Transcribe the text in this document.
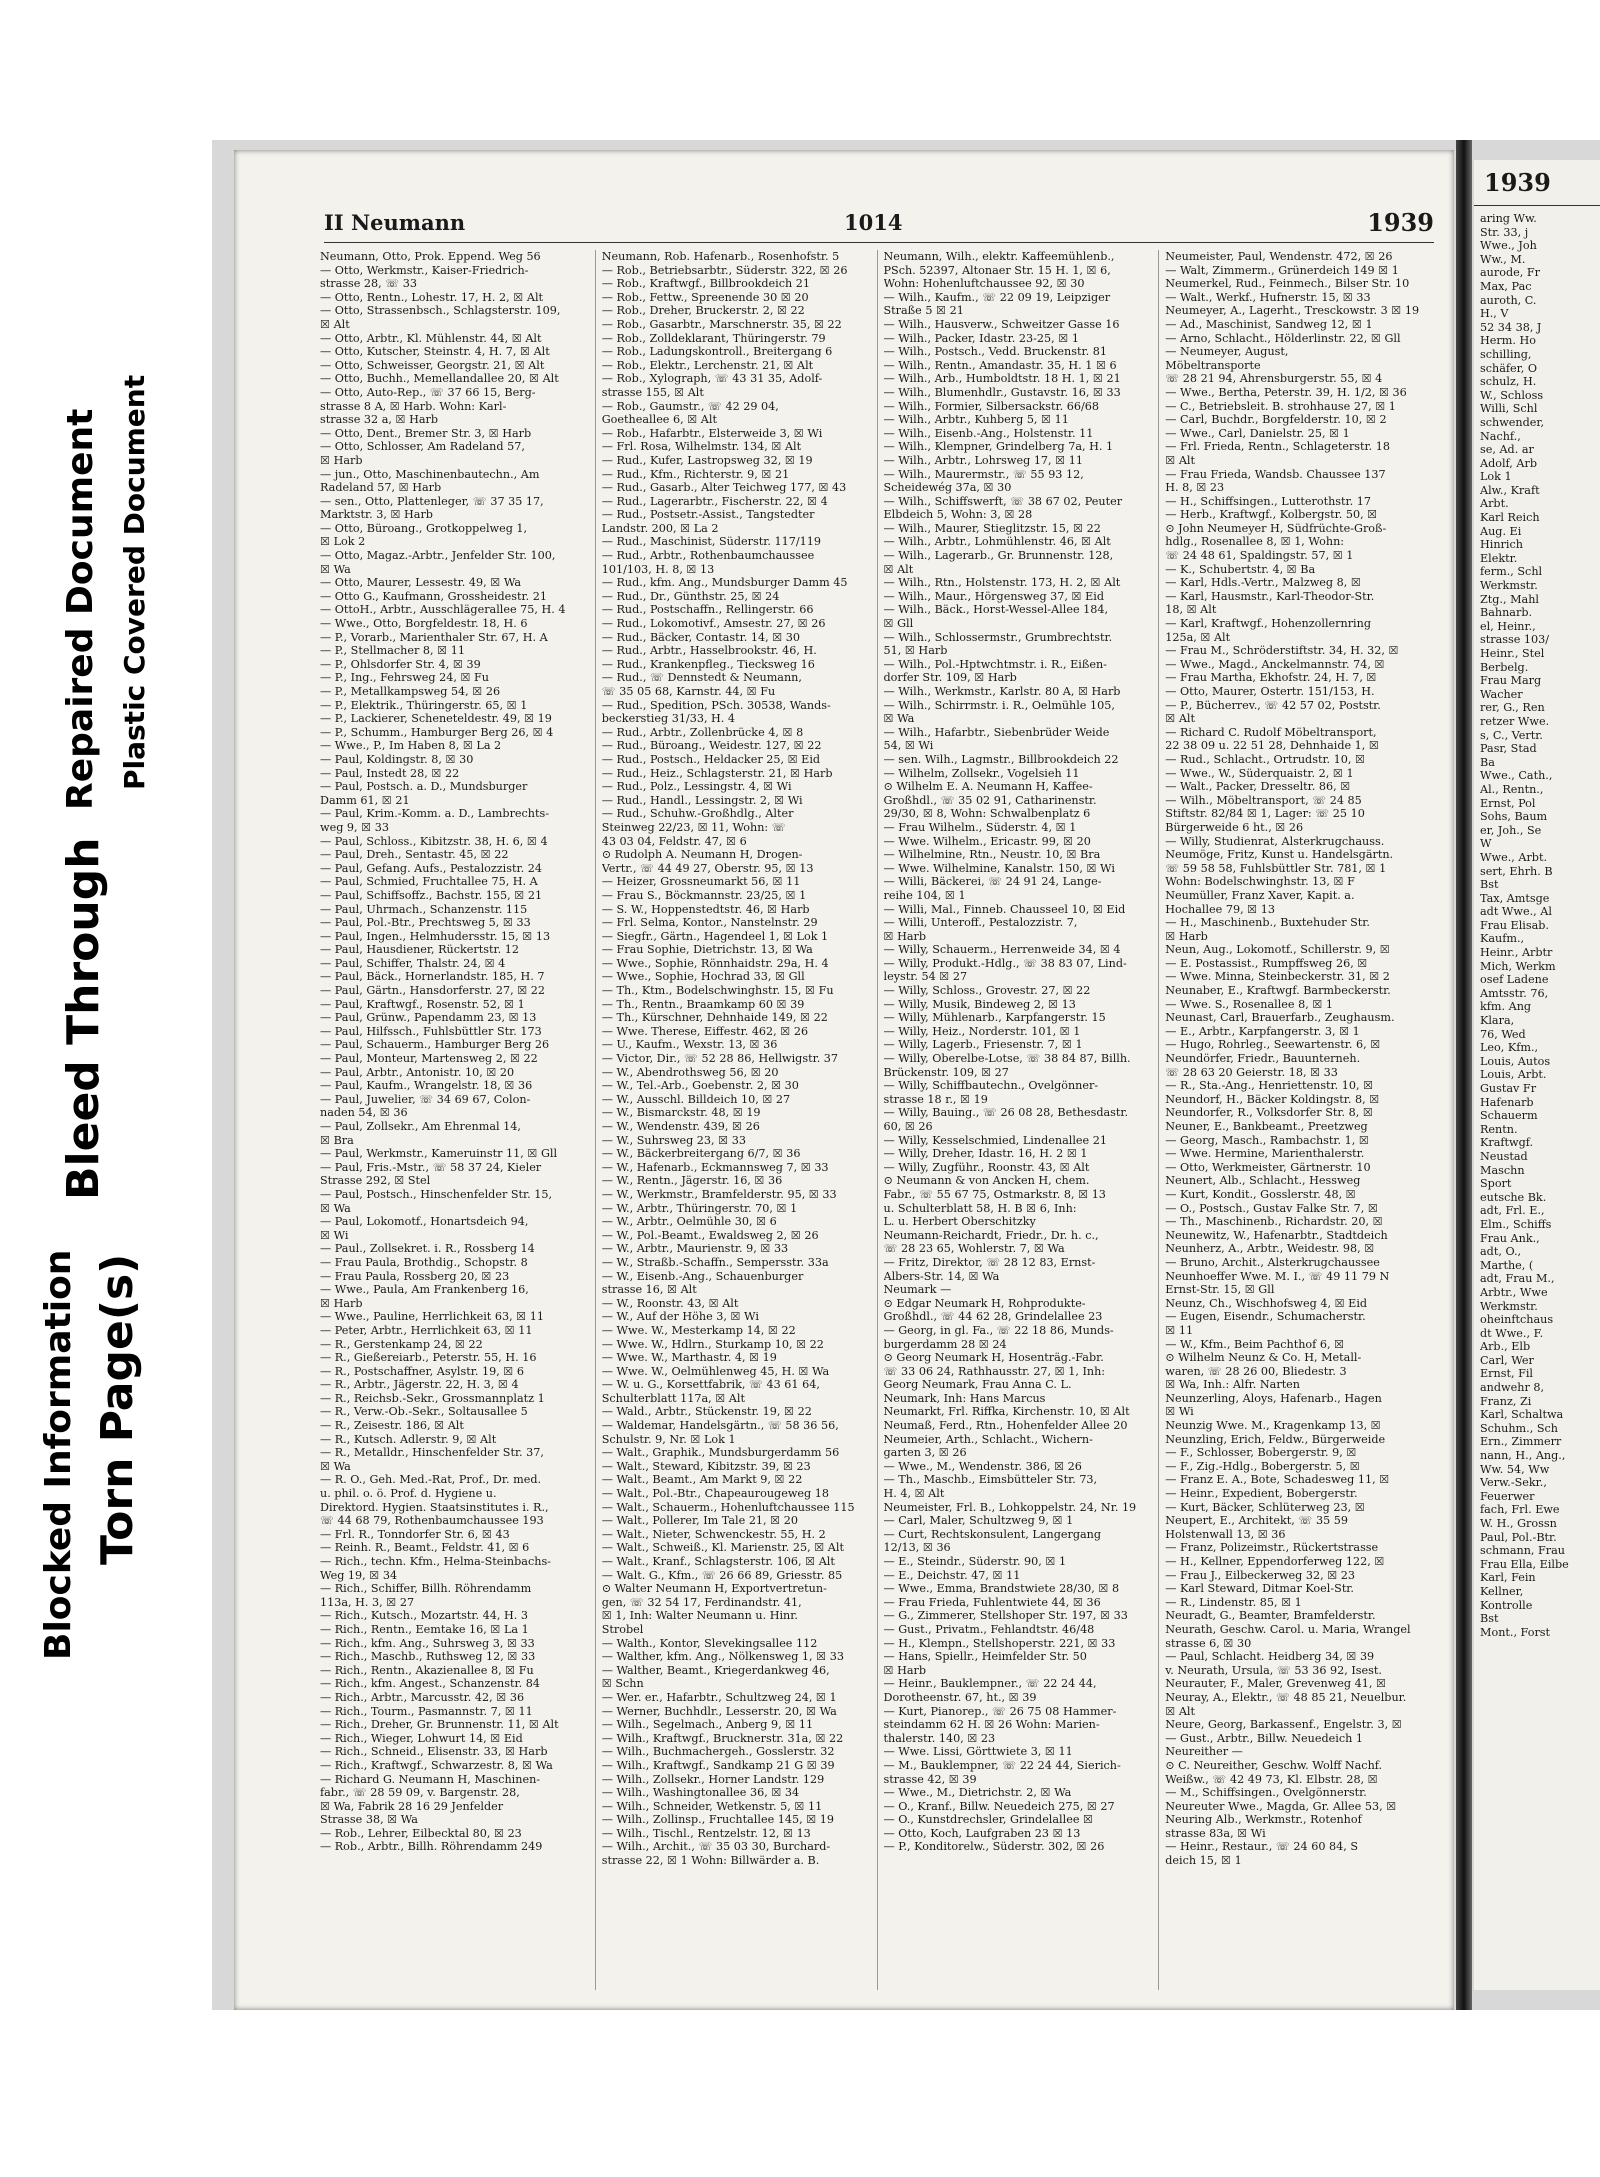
Torn Page(s)
Blocked Information
Bleed Through
Repaired Document Plastic Covered Document
II Neumann	1014	1939
Neumann, Otto, Prok. Eppend. Weg 56
— Otto, Werkmstr., Kaiser-Friedrich-
strasse 28, ☏ 33
— Otto, Rentn., Lohestr. 17, H. 2, ☒ Alt
— Otto, Strassenbsch., Schlagsterstr. 109,
☒ Alt
— Otto, Arbtr., Kl. Mühlenstr. 44, ☒ Alt
— Otto, Kutscher, Steinstr. 4, H. 7, ☒ Alt
— Otto, Schweisser, Georgstr. 21, ☒ Alt
— Otto, Buchh., Memellandallee 20, ☒ Alt
— Otto, Auto-Rep., ☏ 37 66 15, Berg-
strasse 8 A, ☒ Harb. Wohn: Karl-
strasse 32 a, ☒ Harb
— Otto, Dent., Bremer Str. 3, ☒ Harb
— Otto, Schlosser, Am Radeland 57,
☒ Harb
— jun., Otto, Maschinenbautechn., Am
Radeland 57, ☒ Harb
— sen., Otto, Plattenleger, ☏ 37 35 17,
Marktstr. 3, ☒ Harb
— Otto, Büroang., Grotkoppelweg 1,
☒ Lok 2
— Otto, Magaz.-Arbtr., Jenfelder Str. 100,
☒ Wa
— Otto, Maurer, Lessestr. 49, ☒ Wa
— Otto G., Kaufmann, Grossheidestr. 21
— OttoH., Arbtr., Ausschlägerallee 75, H. 4
— Wwe., Otto, Borgfeldestr. 18, H. 6
— P., Vorarb., Marienthaler Str. 67, H. A
— P., Stellmacher 8, ☒ 11
— P., Ohlsdorfer Str. 4, ☒ 39
— P., Ing., Fehrsweg 24, ☒ Fu
— P., Metallkampsweg 54, ☒ 26
— P., Elektrik., Thüringerstr. 65, ☒ 1
— P., Lackierer, Scheneteldestr. 49, ☒ 19
— P., Schumm., Hamburger Berg 26, ☒ 4
— Wwe., P., Im Haben 8, ☒ La 2
— Paul, Koldingstr. 8, ☒ 30
— Paul, Instedt 28, ☒ 22
— Paul, Postsch. a. D., Mundsburger
Damm 61, ☒ 21
— Paul, Krim.-Komm. a. D., Lambrechts-
weg 9, ☒ 33
— Paul, Schloss., Kibitzstr. 38, H. 6, ☒ 4
— Paul, Dreh., Sentastr. 45, ☒ 22
— Paul, Gefang. Aufs., Pestalozzistr. 24
— Paul, Schmied, Fruchtallee 75, H. A
— Paul, Schiffsoffz., Bachstr. 155, ☒ 21
— Paul, Uhrmach., Schanzenstr. 115
— Paul, Pol.-Btr., Prechtsweg 5, ☒ 33
— Paul, Ingen., Helmhudersstr. 15, ☒ 13
— Paul, Hausdiener, Rückertstr. 12
— Paul, Schiffer, Thalstr. 24, ☒ 4
— Paul, Bäck., Hornerlandstr. 185, H. 7
— Paul, Gärtn., Hansdorferstr. 27, ☒ 22
— Paul, Kraftwgf., Rosenstr. 52, ☒ 1
— Paul, Grünw., Papendamm 23, ☒ 13
— Paul, Hilfssch., Fuhlsbüttler Str. 173
— Paul, Schauerm., Hamburger Berg 26
— Paul, Monteur, Martensweg 2, ☒ 22
— Paul, Arbtr., Antonistr. 10, ☒ 20
— Paul, Kaufm., Wrangelstr. 18, ☒ 36
— Paul, Juwelier, ☏ 34 69 67, Colon-
naden 54, ☒ 36
— Paul, Zollsekr., Am Ehrenmal 14,
☒ Bra
— Paul, Werkmstr., Kameruinstr 11, ☒ Gll
— Paul, Fris.-Mstr., ☏ 58 37 24, Kieler
Strasse 292, ☒ Stel
— Paul, Postsch., Hinschenfelder Str. 15,
☒ Wa
— Paul, Lokomotf., Honartsdeich 94,
☒ Wi
— Paul., Zollsekret. i. R., Rossberg 14
— Frau Paula, Brothdig., Schopstr. 8
— Frau Paula, Rossberg 20, ☒ 23
— Wwe., Paula, Am Frankenberg 16,
☒ Harb
— Wwe., Pauline, Herrlichkeit 63, ☒ 11
— Peter, Arbtr., Herrlichkeit 63, ☒ 11
— R., Gerstenkamp 24, ☒ 22
— R., Gießereiarb., Peterstr. 55, H. 16
— R., Postschaffner, Asylstr. 19, ☒ 6
— R., Arbtr., Jägerstr. 22, H. 3, ☒ 4
— R., Reichsb.-Sekr., Grossmannplatz 1
— R., Verw.-Ob.-Sekr., Soltausallee 5
— R., Zeisestr. 186, ☒ Alt
— R., Kutsch. Adlerstr. 9, ☒ Alt
— R., Metalldr., Hinschenfelder Str. 37,
☒ Wa
— R. O., Geh. Med.-Rat, Prof., Dr. med.
u. phil. o. ö. Prof. d. Hygiene u.
Direktord. Hygien. Staatsinstitutes i. R.,
☏ 44 68 79, Rothenbaumchaussee 193
— Frl. R., Tonndorfer Str. 6, ☒ 43
— Reinh. R., Beamt., Feldstr. 41, ☒ 6
— Rich., techn. Kfm., Helma-Steinbachs-
Weg 19, ☒ 34
— Rich., Schiffer, Billh. Röhrendamm
113a, H. 3, ☒ 27
— Rich., Kutsch., Mozartstr. 44, H. 3
— Rich., Rentn., Eemtake 16, ☒ La 1
— Rich., kfm. Ang., Suhrsweg 3, ☒ 33
— Rich., Maschb., Ruthsweg 12, ☒ 33
— Rich., Rentn., Akazienallee 8, ☒ Fu
— Rich., kfm. Angest., Schanzenstr. 84
— Rich., Arbtr., Marcusstr. 42, ☒ 36
— Rich., Tourm., Pasmannstr. 7, ☒ 11
— Rich., Dreher, Gr. Brunnenstr. 11, ☒ Alt
— Rich., Wieger, Lohwurt 14, ☒ Eid
— Rich., Schneid., Elisenstr. 33, ☒ Harb
— Rich., Kraftwgf., Schwarzestr. 8, ☒ Wa
— Richard G. Neumann H, Maschinen-
fabr., ☏ 28 59 09, v. Bargenstr. 28,
☒ Wa, Fabrik 28 16 29 Jenfelder
Strasse 38, ☒ Wa
— Rob., Lehrer, Eilbecktal 80, ☒ 23
— Rob., Arbtr., Billh. Röhrendamm 249
Neumann, Rob. Hafenarb., Rosenhofstr. 5
— Rob., Betriebsarbtr., Süderstr. 322, ☒ 26
— Rob., Kraftwgf., Billbrookdeich 21
— Rob., Fettw., Spreenende 30 ☒ 20
— Rob., Dreher, Bruckerstr. 2, ☒ 22
— Rob., Gasarbtr., Marschnerstr. 35, ☒ 22
— Rob., Zolldeklarant, Thüringerstr. 79
— Rob., Ladungskontroll., Breitergang 6
— Rob., Elektr., Lerchenstr. 21, ☒ Alt
— Rob., Xylograph, ☏ 43 31 35, Adolf-
strasse 155, ☒ Alt
— Rob., Gaumstr., ☏ 42 29 04,
Goetheallee 6, ☒ Alt
— Rob., Hafarbtr., Elsterweide 3, ☒ Wi
— Frl. Rosa, Wilhelmstr. 134, ☒ Alt
— Rud., Kufer, Lastropsweg 32, ☒ 19
— Rud., Kfm., Richterstr. 9, ☒ 21
— Rud., Gasarb., Alter Teichweg 177, ☒ 43
— Rud., Lagerarbtr., Fischerstr. 22, ☒ 4
— Rud., Postsetr.-Assist., Tangstedter
Landstr. 200, ☒ La 2
— Rud., Maschinist, Süderstr. 117/119
— Rud., Arbtr., Rothenbaumchaussee
101/103, H. 8, ☒ 13
— Rud., kfm. Ang., Mundsburger Damm 45
— Rud., Dr., Günthstr. 25, ☒ 24
— Rud., Postschaffn., Rellingerstr. 66
— Rud., Lokomotivf., Amsestr. 27, ☒ 26
— Rud., Bäcker, Contastr. 14, ☒ 30
— Rud., Arbtr., Hasselbrookstr. 46, H.
— Rud., Krankenpfleg., Tiecksweg 16
— Rud., ☏ Dennstedt & Neumann,
☏ 35 05 68, Karnstr. 44, ☒ Fu
— Rud., Spedition, PSch. 30538, Wands-
beckerstieg 31/33, H. 4
— Rud., Arbtr., Zollenbrücke 4, ☒ 8
— Rud., Büroang., Weidestr. 127, ☒ 22
— Rud., Postsch., Heldacker 25, ☒ Eid
— Rud., Heiz., Schlagsterstr. 21, ☒ Harb
— Rud., Polz., Lessingstr. 4, ☒ Wi
— Rud., Handl., Lessingstr. 2, ☒ Wi
— Rud., Schuhw.-Großhdlg., Alter
Steinweg 22/23, ☒ 11, Wohn: ☏
43 03 04, Feldstr. 47, ☒ 6
⊙ Rudolph A. Neumann H, Drogen-
Vertr., ☏ 44 49 27, Oberstr. 95, ☒ 13
— Heizer, Grossneumarkt 56, ☒ 11
— Frau S., Böckmannstr. 23/25, ☒ 1
— S. W., Hoppenstedtstr. 46, ☒ Harb
— Frl. Selma, Kontor., Nanstelnstr. 29
— Siegfr., Gärtn., Hagendeel 1, ☒ Lok 1
— Frau Sophie, Dietrichstr. 13, ☒ Wa
— Wwe., Sophie, Rönnhaidstr. 29a, H. 4
— Wwe., Sophie, Hochrad 33, ☒ Gll
— Th., Ktm., Bodelschwinghstr. 15, ☒ Fu
— Th., Rentn., Braamkamp 60 ☒ 39
— Th., Kürschner, Dehnhaide 149, ☒ 22
— Wwe. Therese, Eiffestr. 462, ☒ 26
— U., Kaufm., Wexstr. 13, ☒ 36
— Victor, Dir., ☏ 52 28 86, Hellwigstr. 37
— W., Abendrothsweg 56, ☒ 20
— W., Tel.-Arb., Goebenstr. 2, ☒ 30
— W., Ausschl. Billdeich 10, ☒ 27
— W., Bismarckstr. 48, ☒ 19
— W., Wendenstr. 439, ☒ 26
— W., Suhrsweg 23, ☒ 33
— W., Bäckerbreitergang 6/7, ☒ 36
— W., Hafenarb., Eckmannsweg 7, ☒ 33
— W., Rentn., Jägerstr. 16, ☒ 36
— W., Werkmstr., Bramfelderstr. 95, ☒ 33
— W., Arbtr., Thüringerstr. 70, ☒ 1
— W., Arbtr., Oelmühle 30, ☒ 6
— W., Pol.-Beamt., Ewaldsweg 2, ☒ 26
— W., Arbtr., Maurienstr. 9, ☒ 33
— W., Straßb.-Schaffn., Sempersstr. 33a
— W., Eisenb.-Ang., Schauenburger
strasse 16, ☒ Alt
— W., Roonstr. 43, ☒ Alt
— W., Auf der Höhe 3, ☒ Wi
— Wwe. W., Mesterkamp 14, ☒ 22
— Wwe. W., Hdlrn., Sturkamp 10, ☒ 22
— Wwe. W., Marthastr. 4, ☒ 19
— Wwe. W., Oelmühlenweg 45, H. ☒ Wa
— W. u. G., Korsettfabrik, ☏ 43 61 64,
Schulterblatt 117a, ☒ Alt
— Wald., Arbtr., Stückenstr. 19, ☒ 22
— Waldemar, Handelsgärtn., ☏ 58 36 56,
Schulstr. 9, Nr. ☒ Lok 1
— Walt., Graphik., Mundsburgerdamm 56
— Walt., Steward, Kibitzstr. 39, ☒ 23
— Walt., Beamt., Am Markt 9, ☒ 22
— Walt., Pol.-Btr., Chapeaurougeweg 18
— Walt., Schauerm., Hohenluftchaussee 115
— Walt., Pollerer, Im Tale 21, ☒ 20
— Walt., Nieter, Schwenckestr. 55, H. 2
— Walt., Schweiß., Kl. Marienstr. 25, ☒ Alt
— Walt., Kranf., Schlagsterstr. 106, ☒ Alt
— Walt. G., Kfm., ☏ 26 66 89, Griesstr. 85
⊙ Walter Neumann H, Exportvertretun-
gen, ☏ 32 54 17, Ferdinandstr. 41,
☒ 1, Inh: Walter Neumann u. Hinr.
Strobel
— Walth., Kontor, Slevekingsallee 112
— Walther, kfm. Ang., Nölkensweg 1, ☒ 33
— Walther, Beamt., Kriegerdankweg 46,
☒ Schn
— Wer. er., Hafarbtr., Schultzweg 24, ☒ 1
— Werner, Buchhdlr., Lesserstr. 20, ☒ Wa
— Wilh., Segelmach., Anberg 9, ☒ 11
— Wilh., Kraftwgf., Brucknerstr. 31a, ☒ 22
— Wilh., Buchmachergeh., Gosslerstr. 32
— Wilh., Kraftwgf., Sandkamp 21 G ☒ 39
— Wilh., Zollsekr., Horner Landstr. 129
— Wilh., Washingtonallee 36, ☒ 34
— Wilh., Schneider, Wetkenstr. 5, ☒ 11
— Wilh., Zollinsp., Fruchtallee 145, ☒ 19
— Wilh., Tischl., Rentzelstr. 12, ☒ 13
— Wilh., Archit., ☏ 35 03 30, Burchard-
strasse 22, ☒ 1 Wohn: Billwärder a. B.
Neumann, Wilh., elektr. Kaffeemühlenb.,
PSch. 52397, Altonaer Str. 15 H. 1, ☒ 6,
Wohn: Hohenluftchaussee 92, ☒ 30
— Wilh., Kaufm., ☏ 22 09 19, Leipziger
Straße 5 ☒ 21
— Wilh., Hausverw., Schweitzer Gasse 16
— Wilh., Packer, Idastr. 23-25, ☒ 1
— Wilh., Postsch., Vedd. Bruckenstr. 81
— Wilh., Rentn., Amandastr. 35, H. 1 ☒ 6
— Wilh., Arb., Humboldtstr. 18 H. 1, ☒ 21
— Wilh., Blumenhdlr., Gustavstr. 16, ☒ 33
— Wilh., Formier, Silbersackstr. 66/68
— Wilh., Arbtr., Kuhberg 5, ☒ 11
— Wilh., Eisenb.-Ang., Holstenstr. 11
— Wilh., Klempner, Grindelberg 7a, H. 1
— Wilh., Arbtr., Lohrsweg 17, ☒ 11
— Wilh., Maurermstr., ☏ 55 93 12,
Scheidewég 37a, ☒ 30
— Wilh., Schiffswerft, ☏ 38 67 02, Peuter
Elbdeich 5, Wohn: 3, ☒ 28
— Wilh., Maurer, Stieglitzstr. 15, ☒ 22
— Wilh., Arbtr., Lohmühlenstr. 46, ☒ Alt
— Wilh., Lagerarb., Gr. Brunnenstr. 128,
☒ Alt
— Wilh., Rtn., Holstenstr. 173, H. 2, ☒ Alt
— Wilh., Maur., Hörgensweg 37, ☒ Eid
— Wilh., Bäck., Horst-Wessel-Allee 184,
☒ Gll
— Wilh., Schlossermstr., Grumbrechtstr.
51, ☒ Harb
— Wilh., Pol.-Hptwchtmstr. i. R., Eißen-
dorfer Str. 109, ☒ Harb
— Wilh., Werkmstr., Karlstr. 80 A, ☒ Harb
— Wilh., Schirrmstr. i. R., Oelmühle 105,
☒ Wa
— Wilh., Hafarbtr., Siebenbrüder Weide
54, ☒ Wi
— sen. Wilh., Lagmstr., Billbrookdeich 22
— Wilhelm, Zollsekr., Vogelsieh 11
⊙ Wilhelm E. A. Neumann H, Kaffee-
Großhdl., ☏ 35 02 91, Catharinenstr.
29/30, ☒ 8, Wohn: Schwalbenplatz 6
— Frau Wilhelm., Süderstr. 4, ☒ 1
— Wwe. Wilhelm., Ericastr. 99, ☒ 20
— Wilhelmine, Rtn., Neustr. 10, ☒ Bra
— Wwe. Wilhelmine, Kanalstr. 150, ☒ Wi
— Willi, Bäckerei, ☏ 24 91 24, Lange-
reihe 104, ☒ 1
— Willi, Mal., Finneb. Chausseel 10, ☒ Eid
— Willi, Unteroff., Pestalozzistr. 7,
☒ Harb
— Willy, Schauerm., Herrenweide 34, ☒ 4
— Willy, Produkt.-Hdlg., ☏ 38 83 07, Lind-
leystr. 54 ☒ 27
— Willy, Schloss., Grovestr. 27, ☒ 22
— Willy, Musik, Bindeweg 2, ☒ 13
— Willy, Mühlenarb., Karpfangerstr. 15
— Willy, Heiz., Norderstr. 101, ☒ 1
— Willy, Lagerb., Friesenstr. 7, ☒ 1
— Willy, Oberelbe-Lotse, ☏ 38 84 87, Billh.
Brückenstr. 109, ☒ 27
— Willy, Schiffbautechn., Ovelgönner-
strasse 18 r., ☒ 19
— Willy, Bauing., ☏ 26 08 28, Bethesdastr.
60, ☒ 26
— Willy, Kesselschmied, Lindenallee 21
— Willy, Dreher, Idastr. 16, H. 2 ☒ 1
— Willy, Zugführ., Roonstr. 43, ☒ Alt
⊙ Neumann & von Ancken H, chem.
Fabr., ☏ 55 67 75, Ostmarkstr. 8, ☒ 13
u. Schulterblatt 58, H. B ☒ 6, Inh:
L. u. Herbert Oberschitzky
Neumann-Reichardt, Friedr., Dr. h. c.,
☏ 28 23 65, Wohlerstr. 7, ☒ Wa
— Fritz, Direktor, ☏ 28 12 83, Ernst-
Albers-Str. 14, ☒ Wa
Neumark —
⊙ Edgar Neumark H, Rohprodukte-
Großhdl., ☏ 44 62 28, Grindelallee 23
— Georg, in gl. Fa., ☏ 22 18 86, Munds-
burgerdamm 28 ☒ 24
⊙ Georg Neumark H, Hosenträg.-Fabr.
☏ 33 06 24, Rathhausstr. 27, ☒ 1, Inh:
Georg Neumark, Frau Anna C. L.
Neumark, Inh: Hans Marcus
Neumarkt, Frl. Riffka, Kirchenstr. 10, ☒ Alt
Neumaß, Ferd., Rtn., Hohenfelder Allee 20
Neumeier, Arth., Schlacht., Wichern-
garten 3, ☒ 26
— Wwe., M., Wendenstr. 386, ☒ 26
— Th., Maschb., Eimsbütteler Str. 73,
H. 4, ☒ Alt
Neumeister, Frl. B., Lohkoppelstr. 24, Nr. 19
— Carl, Maler, Schultzweg 9, ☒ 1
— Curt, Rechtskonsulent, Langergang
12/13, ☒ 36
— E., Steindr., Süderstr. 90, ☒ 1
— E., Deichstr. 47, ☒ 11
— Wwe., Emma, Brandstwiete 28/30, ☒ 8
— Frau Frieda, Fuhlentwiete 44, ☒ 36
— G., Zimmerer, Stellshoper Str. 197, ☒ 33
— Gust., Privatm., Fehlandtstr. 46/48
— H., Klempn., Stellshoperstr. 221, ☒ 33
— Hans, Spiellr., Heimfelder Str. 50
☒ Harb
— Heinr., Bauklempner., ☏ 22 24 44,
Dorotheenstr. 67, ht., ☒ 39
— Kurt, Pianorep., ☏ 26 75 08 Hammer-
steindamm 62 H. ☒ 26 Wohn: Marien-
thalerstr. 140, ☒ 23
— Wwe. Lissi, Görttwiete 3, ☒ 11
— M., Bauklempner, ☏ 22 24 44, Sierich-
strasse 42, ☒ 39
— Wwe., M., Dietrichstr. 2, ☒ Wa
— O., Kranf., Billw. Neuedeich 275, ☒ 27
— O., Kunstdrechsler, Grindelallee ☒
— Otto, Koch, Laufgraben 23 ☒ 13
— P., Konditorelw., Süderstr. 302, ☒ 26
Neumeister, Paul, Wendenstr. 472, ☒ 26
— Walt, Zimmerm., Grünerdeich 149 ☒ 1
Neumerkel, Rud., Feinmech., Bilser Str. 10
— Walt., Werkf., Hufnerstr. 15, ☒ 33
Neumeyer, A., Lagerht., Tresckowstr. 3 ☒ 19
— Ad., Maschinist, Sandweg 12, ☒ 1
— Arno, Schlacht., Hölderlinstr. 22, ☒ Gll
— Neumeyer, August,
Möbeltransporte
☏ 28 21 94, Ahrensburgerstr. 55, ☒ 4
— Wwe., Bertha, Peterstr. 39, H. 1/2, ☒ 36
— C., Betriebsleit. B. strohhause 27, ☒ 1
— Carl, Buchdr., Borgfelderstr. 10, ☒ 2
— Wwe., Carl, Danielstr. 25, ☒ 1
— Frl. Frieda, Rentn., Schlageterstr. 18
☒ Alt
— Frau Frieda, Wandsb. Chaussee 137
H. 8, ☒ 23
— H., Schiffsingen., Lutterothstr. 17
— Herb., Kraftwgf., Kolbergstr. 50, ☒
⊙ John Neumeyer H, Südfrüchte-Groß-
hdlg., Rosenallee 8, ☒ 1, Wohn:
☏ 24 48 61, Spaldingstr. 57, ☒ 1
— K., Schubertstr. 4, ☒ Ba
— Karl, Hdls.-Vertr., Malzweg 8, ☒
— Karl, Hausmstr., Karl-Theodor-Str.
18, ☒ Alt
— Karl, Kraftwgf., Hohenzollernring
125a, ☒ Alt
— Frau M., Schröderstiftstr. 34, H. 32, ☒
— Wwe., Magd., Anckelmannstr. 74, ☒
— Frau Martha, Ekhofstr. 24, H. 7, ☒
— Otto, Maurer, Ostertr. 151/153, H.
— P., Bücherrev., ☏ 42 57 02, Poststr.
☒ Alt
— Richard C. Rudolf Möbeltransport,
22 38 09 u. 22 51 28, Dehnhaide 1, ☒
— Rud., Schlacht., Ortrudstr. 10, ☒
— Wwe., W., Süderquaistr. 2, ☒ 1
— Walt., Packer, Dresseltr. 86, ☒
— Wilh., Möbeltransport, ☏ 24 85
Stiftstr. 82/84 ☒ 1, Lager: ☏ 25 10
Bürgerweide 6 ht., ☒ 26
— Willy, Studienrat, Alsterkrugchauss.
Neumöge, Fritz, Kunst u. Handelsgärtn.
☏ 59 58 58, Fuhlsbüttler Str. 781, ☒ 1
Wohn: Bodelschwinghstr. 13, ☒ F
Neumüller, Franz Xaver, Kapit. a.
Hochallee 79, ☒ 13
— H., Maschinenb., Buxtehuder Str.
☒ Harb
Neun, Aug., Lokomotf., Schillerstr. 9, ☒
— E. Postassist., Rumpffsweg 26, ☒
— Wwe. Minna, Steinbeckerstr. 31, ☒ 2
Neunaber, E., Kraftwgf. Barmbeckerstr.
— Wwe. S., Rosenallee 8, ☒ 1
Neunast, Carl, Brauerfarb., Zeughausm.
— E., Arbtr., Karpfangerstr. 3, ☒ 1
— Hugo, Rohrleg., Seewartenstr. 6, ☒
Neundörfer, Friedr., Bauunterneh.
☏ 28 63 20 Geierstr. 18, ☒ 33
— R., Sta.-Ang., Henriettenstr. 10, ☒
Neundorf, H., Bäcker Koldingstr. 8, ☒
Neundorfer, R., Volksdorfer Str. 8, ☒
Neuner, E., Bankbeamt., Preetzweg
— Georg, Masch., Rambachstr. 1, ☒
— Wwe. Hermine, Marienthalerstr.
— Otto, Werkmeister, Gärtnerstr. 10
Neunert, Alb., Schlacht., Hessweg
— Kurt, Kondit., Gosslerstr. 48, ☒
— O., Postsch., Gustav Falke Str. 7, ☒
— Th., Maschinenb., Richardstr. 20, ☒
Neunewitz, W., Hafenarbtr., Stadtdeich
Neunherz, A., Arbtr., Weidestr. 98, ☒
— Bruno, Archit., Alsterkrugchaussee
Neunhoeffer Wwe. M. I., ☏ 49 11 79 N
Ernst-Str. 15, ☒ Gll
Neunz, Ch., Wischhofsweg 4, ☒ Eid
— Eugen, Eisendr., Schumacherstr.
☒ 11
— W., Kfm., Beim Pachthof 6, ☒
⊙ Wilhelm Neunz & Co. H, Metall-
waren, ☏ 28 26 00, Bliedestr. 3
☒ Wa, Inh.: Alfr. Narten
Neunzerling, Aloys, Hafenarb., Hagen
☒ Wi
Neunzig Wwe. M., Kragenkamp 13, ☒
Neunzling, Erich, Feldw., Bürgerweide
— F., Schlosser, Bobergerstr. 9, ☒
— F., Zig.-Hdlg., Bobergerstr. 5, ☒
— Franz E. A., Bote, Schadesweg 11, ☒
— Heinr., Expedient, Bobergerstr.
— Kurt, Bäcker, Schlüterweg 23, ☒
Neupert, E., Architekt, ☏ 35 59
Holstenwall 13, ☒ 36
— Franz, Polizeimstr., Rückertstrasse
— H., Kellner, Eppendorferweg 122, ☒
— Frau J., Eilbeckerweg 32, ☒ 23
— Karl Steward, Ditmar Koel-Str.
— R., Lindenstr. 85, ☒ 1
Neuradt, G., Beamter, Bramfelderstr.
Neurath, Geschw. Carol. u. Maria, Wrangel
strasse 6, ☒ 30
— Paul, Schlacht. Heidberg 34, ☒ 39
v. Neurath, Ursula, ☏ 53 36 92, Isest.
Neurauter, F., Maler, Grevenweg 41, ☒
Neuray, A., Elektr., ☏ 48 85 21, Neuelbur.
☒ Alt
Neure, Georg, Barkassenf., Engelstr. 3, ☒
— Gust., Arbtr., Billw. Neuedeich 1
Neureither —
⊙ C. Neureither, Geschw. Wolff Nachf.
Weißw., ☏ 42 49 73, Kl. Elbstr. 28, ☒
— M., Schiffsingen., Ovelgönnerstr.
Neureuter Wwe., Magda, Gr. Allee 53, ☒
Neuring Alb., Werkmstr., Rotenhof
strasse 83a, ☒ Wi
— Heinr., Restaur., ☏ 24 60 84, S
deich 15, ☒ 1
1939
aring Ww.
Str. 33, j
Wwe., Joh
Ww., M.
aurode, Fr
Max, Pac
auroth, C.
H., V
52 34 38, J
Herm. Ho
schilling,
schäfer, O
schulz, H.
W., Schloss
Willi, Schl
schwender,
Nachf.,
se, Ad. ar
Adolf, Arb
Lok 1
Alw., Kraft
Arbt.
Karl Reich
Aug. Ei
Hinrich
Elektr.
ferm., Schl
Werkmstr.
Ztg., Mahl
Bahnarb.
el, Heinr.,
strasse 103/
Heinr., Stel
Berbelg.
Frau Marg
Wacher
rer, G., Ren
retzer Wwe.
s, C., Vertr.
Pasr, Stad
Ba
Wwe., Cath.,
Al., Rentn.,
Ernst, Pol
Sohs, Baum
er, Joh., Se
W
Wwe., Arbt.
sert, Ehrh. B
Bst
Tax, Amtsge
adt Wwe., Al
Frau Elisab.
Kaufm.,
Heinr., Arbtr
Mich, Werkm
osef Ladene
Amtsstr. 76,
kfm. Ang
Klara,
76, Wed
Leo, Kfm.,
Louis, Autos
Louis, Arbt.
Gustav Fr
Hafenarb
Schauerm
Rentn.
Kraftwgf.
Neustad
Maschn
Sport
eutsche Bk.
adt, Frl. E.,
Elm., Schiffs
Frau Ank.,
adt, O.,
Marthe, (
adt, Frau M.,
Arbtr., Wwe
Werkmstr.
oheinftchaus
dt Wwe., F.
Arb., Elb
Carl, Wer
Ernst, Fil
andwehr 8,
Franz, Zi
Karl, Schaltwa
Schuhm., Sch
Ern., Zimmerr
nann, H., Ang.,
Ww. 54, Ww
Verw.-Sekr.,
Feuerwer
fach, Frl. Ewe
W. H., Grossn
Paul, Pol.-Btr.
schmann, Frau
Frau Ella, Eilbe
Karl, Fein
Kellner,
Kontrolle
Bst
Mont., Forst
